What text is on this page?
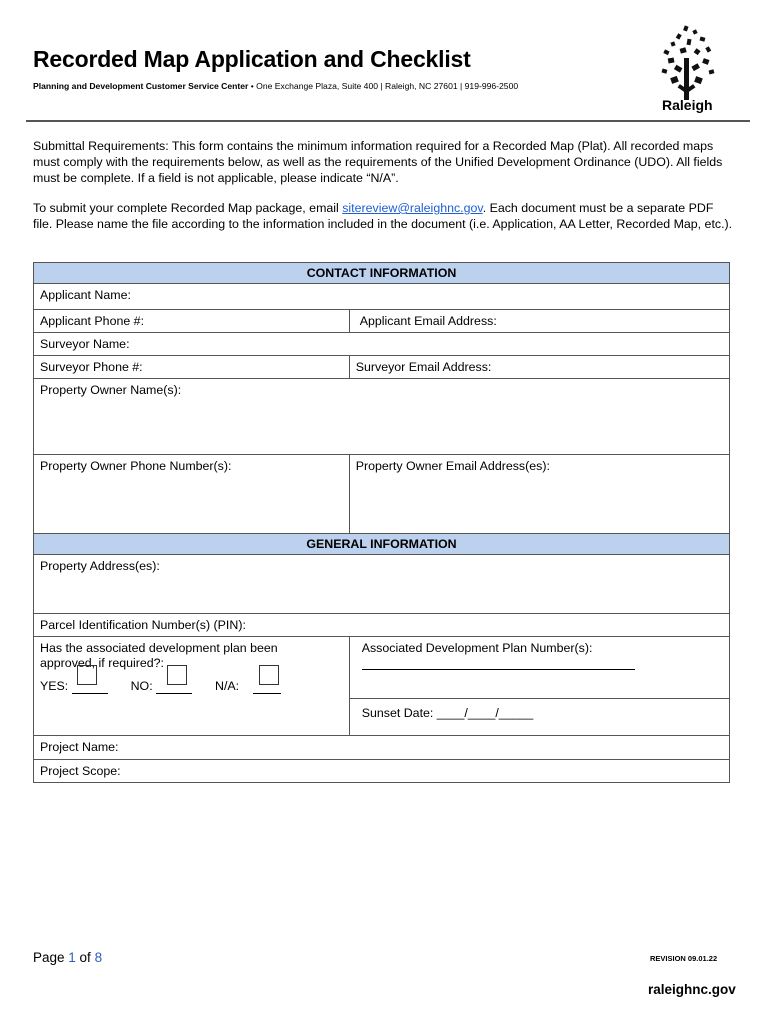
Recorded Map Application and Checklist
Planning and Development Customer Service Center • One Exchange Plaza, Suite 400 | Raleigh, NC 27601 | 919-996-2500
Raleigh
Submittal Requirements: This form contains the minimum information required for a Recorded Map (Plat). All recorded maps must comply with the requirements below, as well as the requirements of the Unified Development Ordinance (UDO). All fields must be complete. If a field is not applicable, please indicate “N/A”.
To submit your complete Recorded Map package, email sitereview@raleighnc.gov. Each document must be a separate PDF file. Please name the file according to the information included in the document (i.e. Application, AA Letter, Recorded Map, etc.).
CONTACT INFORMATION	

Applicant Name:	

Applicant Phone #:	Applicant Email Address:

Surveyor Name:	

Surveyor Phone #:	Surveyor Email Address:

Property Owner Name(s):	

Property Owner Phone Number(s):	Property Owner Email Address(es):

GENERAL INFORMATION	

Property Address(es):	

Parcel Identification Number(s) (PIN):	

Has the associated development plan been approved, if required?:
YES: NO: N/A:	Associated Development Plan Number(s):

	Sunset Date: ____/____/_____

Project Name:	

Project Scope:	
Page 1 of 8	REVISION 09.01.22
raleighnc.gov
